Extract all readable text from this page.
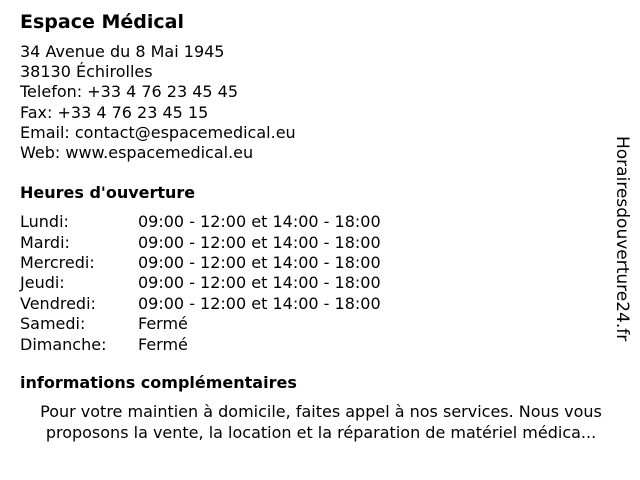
Espace Médical
34 Avenue du 8 Mai 1945
38130 Échirolles
Telefon: +33 4 76 23 45 45
Fax: +33 4 76 23 45 15
Email: contact@espacemedical.eu
Web: www.espacemedical.eu
Heures d'ouverture
Lundi:	09:00 - 12:00 et 14:00 - 18:00
Mardi:	09:00 - 12:00 et 14:00 - 18:00
Mercredi:	09:00 - 12:00 et 14:00 - 18:00
Jeudi:	09:00 - 12:00 et 14:00 - 18:00
Vendredi:	09:00 - 12:00 et 14:00 - 18:00
Samedi:	Fermé
Dimanche:	Fermé
informations complémentaires
Pour votre maintien à domicile, faites appel à nos services. Nous vous
proposons la vente, la location et la réparation de matériel médica...
Horairesdouverture24.fr
